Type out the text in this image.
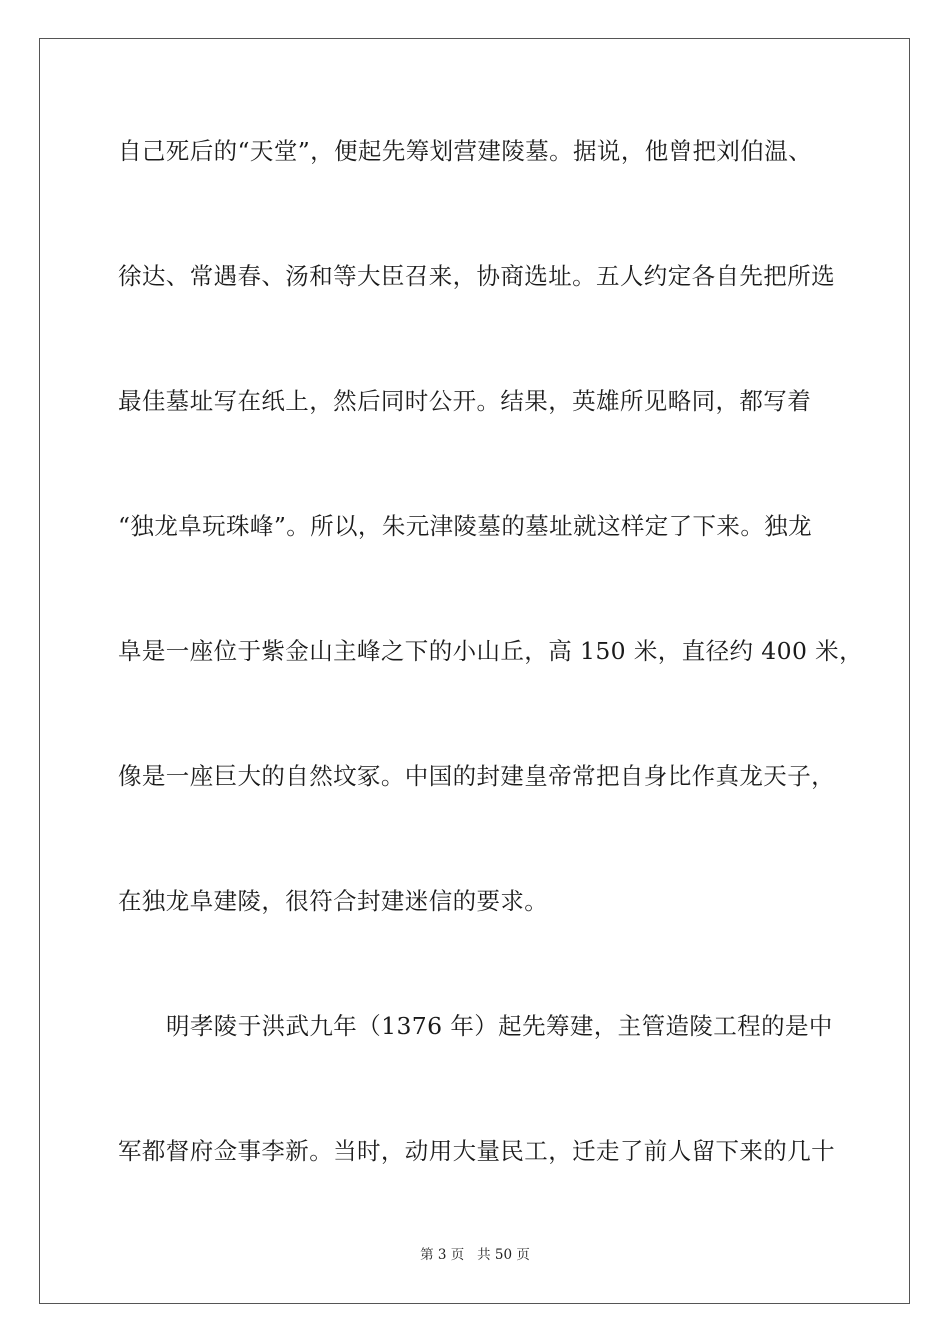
自己死后的“天堂”，便起先筹划营建陵墓。据说，他曾把刘伯温、
徐达、常遇春、汤和等大臣召来，协商选址。五人约定各自先把所选
最佳墓址写在纸上，然后同时公开。结果，英雄所见略同，都写着
“独龙阜玩珠峰”。所以，朱元津陵墓的墓址就这样定了下来。独龙
阜是一座位于紫金山主峰之下的小山丘，高 150 米，直径约 400 米，
像是一座巨大的自然坟冢。中国的封建皇帝常把自身比作真龙天子，
在独龙阜建陵，很符合封建迷信的要求。
明孝陵于洪武九年（1376 年）起先筹建，主管造陵工程的是中
军都督府佥事李新。当时，动用大量民工，迁走了前人留下来的几十
第 3 页   共 50 页
